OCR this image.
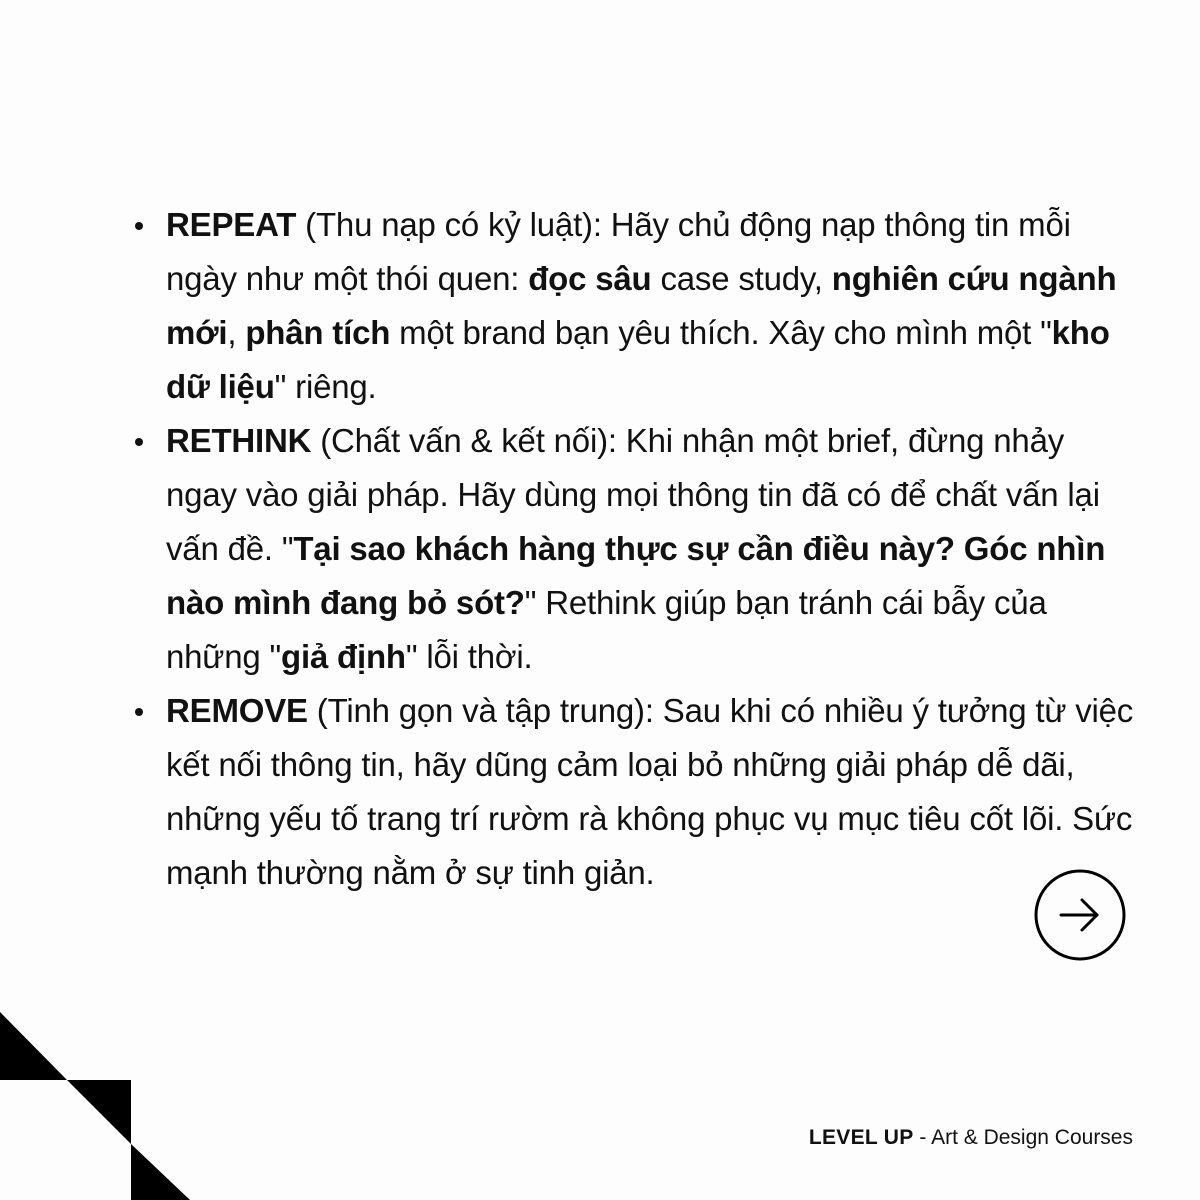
REPEAT (Thu nạp có kỷ luật): Hãy chủ động nạp thông tin mỗi ngày như một thói quen: đọc sâu case study, nghiên cứu ngành mới, phân tích một brand bạn yêu thích. Xây cho mình một "kho dữ liệu" riêng.
RETHINK (Chất vấn & kết nối): Khi nhận một brief, đừng nhảy ngay vào giải pháp. Hãy dùng mọi thông tin đã có để chất vấn lại vấn đề. "Tại sao khách hàng thực sự cần điều này? Góc nhìn nào mình đang bỏ sót?" Rethink giúp bạn tránh cái bẫy của những "giả định" lỗi thời.
REMOVE (Tinh gọn và tập trung): Sau khi có nhiều ý tưởng từ việc kết nối thông tin, hãy dũng cảm loại bỏ những giải pháp dễ dãi, những yếu tố trang trí rườm rà không phục vụ mục tiêu cốt lõi. Sức mạnh thường nằm ở sự tinh giản.
LEVEL UP - Art & Design Courses
